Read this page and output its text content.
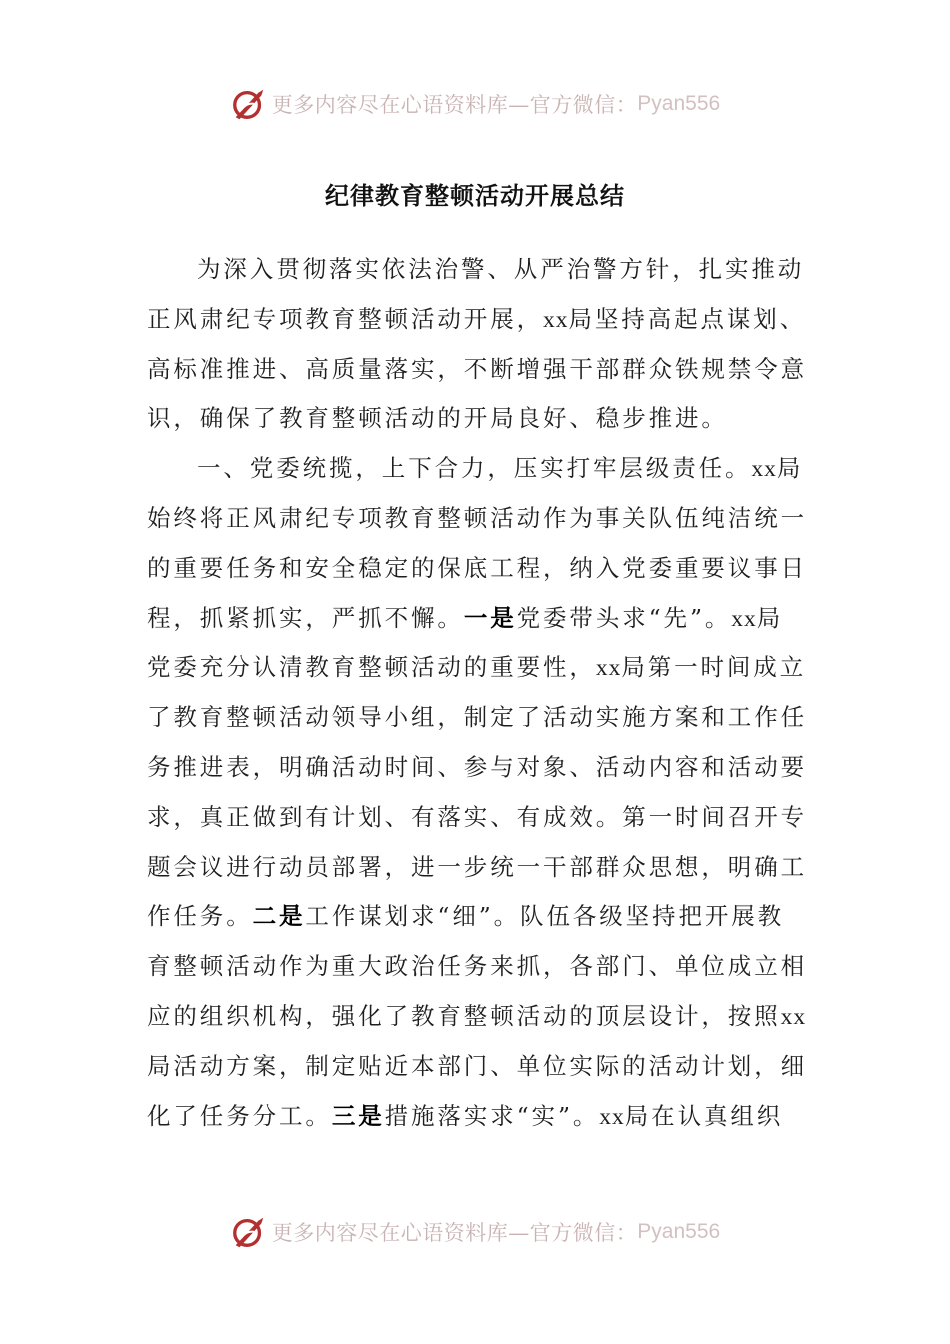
更多内容尽在心语资料库—官方微信： Pyan556
纪律教育整顿活动开展总结
为深入贯彻落实依法治警、从严治警方针，扎实推动
正风肃纪专项教育整顿活动开展，xx局坚持高起点谋划、
高标准推进、高质量落实，不断增强干部群众铁规禁令意
识，确保了教育整顿活动的开局良好、稳步推进。
一、党委统揽，上下合力，压实打牢层级责任。xx局
始终将正风肃纪专项教育整顿活动作为事关队伍纯洁统一
的重要任务和安全稳定的保底工程，纳入党委重要议事日
程，抓紧抓实，严抓不懈。一是党委带头求“先”。xx局
党委充分认清教育整顿活动的重要性，xx局第一时间成立
了教育整顿活动领导小组，制定了活动实施方案和工作任
务推进表，明确活动时间、参与对象、活动内容和活动要
求，真正做到有计划、有落实、有成效。第一时间召开专
题会议进行动员部署，进一步统一干部群众思想，明确工
作任务。二是工作谋划求“细”。队伍各级坚持把开展教
育整顿活动作为重大政治任务来抓，各部门、单位成立相
应的组织机构，强化了教育整顿活动的顶层设计，按照xx
局活动方案，制定贴近本部门、单位实际的活动计划，细
化了任务分工。三是措施落实求“实”。xx局在认真组织
更多内容尽在心语资料库—官方微信： Pyan556
